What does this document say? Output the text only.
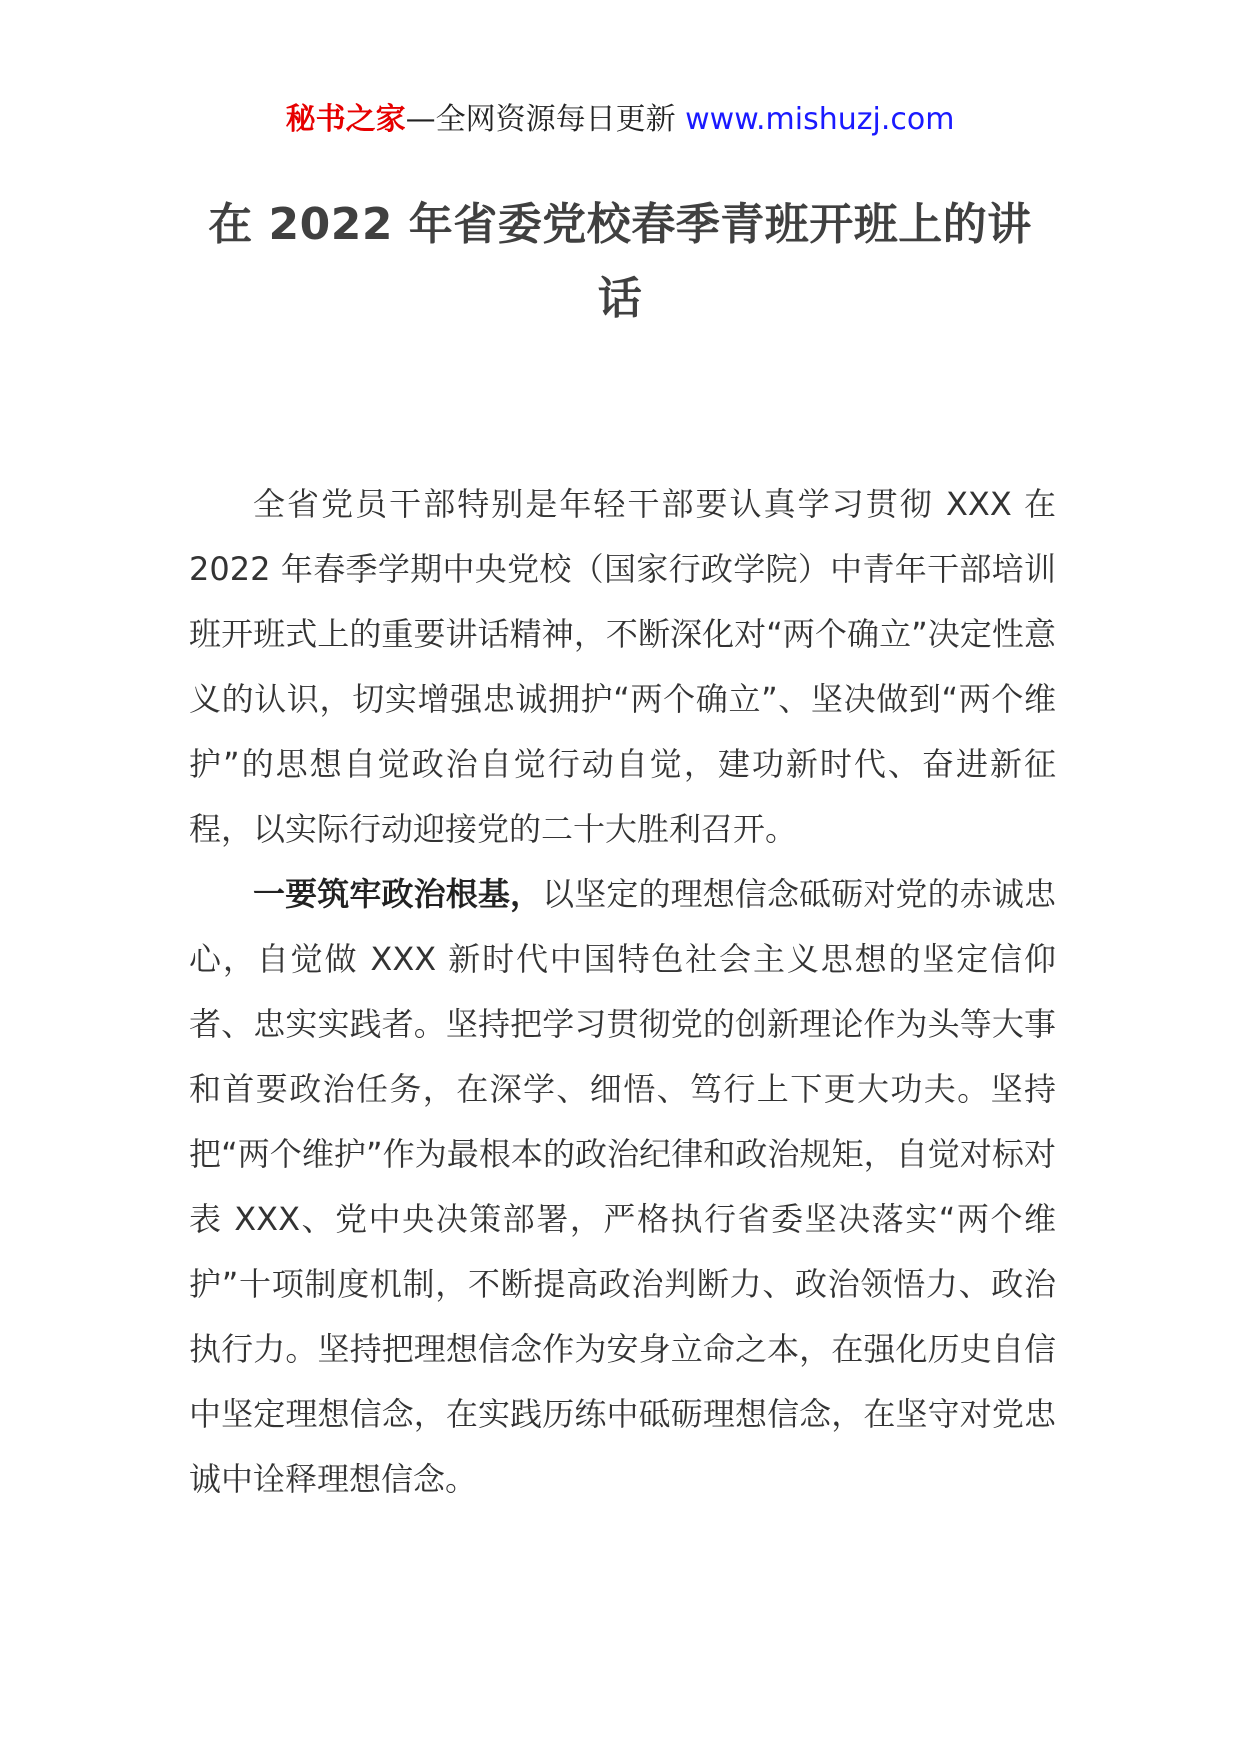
秘书之家—全网资源每日更新 www.mishuzj.com
在 2022 年省委党校春季青班开班上的讲话

全省党员干部特别是年轻干部要认真学习贯彻 XXX 在 2022 年春季学期中央党校（国家行政学院）中青年干部培训班开班式上的重要讲话精神，不断深化对“两个确立”决定性意义的认识，切实增强忠诚拥护“两个确立”、坚决做到“两个维护”的思想自觉政治自觉行动自觉，建功新时代、奋进新征程，以实际行动迎接党的二十大胜利召开。

一要筑牢政治根基，以坚定的理想信念砥砺对党的赤诚忠心，自觉做 XXX 新时代中国特色社会主义思想的坚定信仰者、忠实实践者。坚持把学习贯彻党的创新理论作为头等大事和首要政治任务，在深学、细悟、笃行上下更大功夫。坚持把“两个维护”作为最根本的政治纪律和政治规矩，自觉对标对表 XXX、党中央决策部署，严格执行省委坚决落实“两个维护”十项制度机制，不断提高政治判断力、政治领悟力、政治执行力。坚持把理想信念作为安身立命之本，在强化历史自信中坚定理想信念，在实践历练中砥砺理想信念，在坚守对党忠诚中诠释理想信念。
